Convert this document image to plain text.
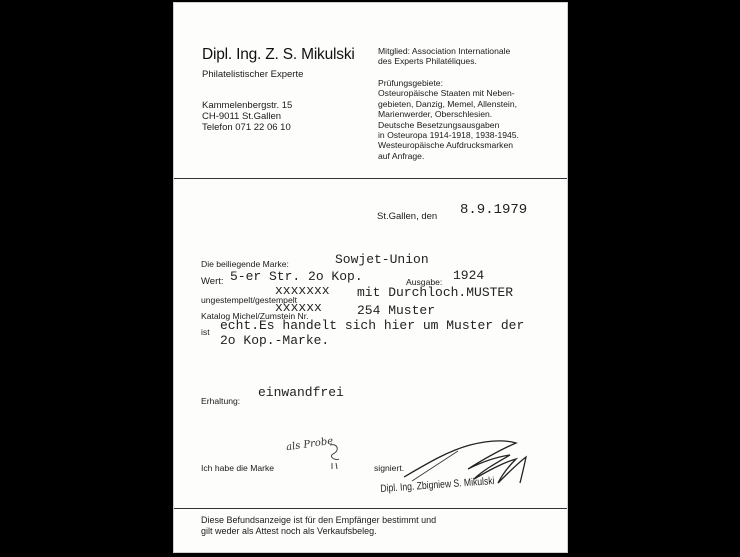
Dipl. Ing. Z. S. Mikulski
Philatelistischer Experte
Kammelenbergstr. 15
CH-9011 St.Gallen
Telefon 071 22 06 10
Mitglied: Association Internationale
des Experts Philatéliques.
Prüfungsgebiete:
Osteuropäische Staaten mit Neben-
gebieten, Danzig, Memel, Allenstein,
Marienwerder, Oberschlesien.
Deutsche Besetzungsausgaben
in Osteuropa 1914-1918, 1938-1945.
Westeuropäische Aufdrucksmarken
auf Anfrage.
St.Gallen, den 8.9.1979
Die beiliegende Marke:	Sowjet-Union
Wert: 5-er Str. 2o Kop.	Ausgabe: 1924
ungestempelt/gestempelt
xxxxxxx mit Durchloch.MUSTER
Katalog Michel/Zumstein Nr.
xxxxxx	254 Muster
ist echt.Es handelt sich hier um Muster der
2o Kop.-Marke.
Erhaltung:
einwandfrei
Ich habe die Marke
als Probe
signiert.
Dipl. Ing. Zbigniew S. Mikulski
Diese Befundsanzeige ist für den Empfänger bestimmt und
gilt weder als Attest noch als Verkaufsbeleg.
